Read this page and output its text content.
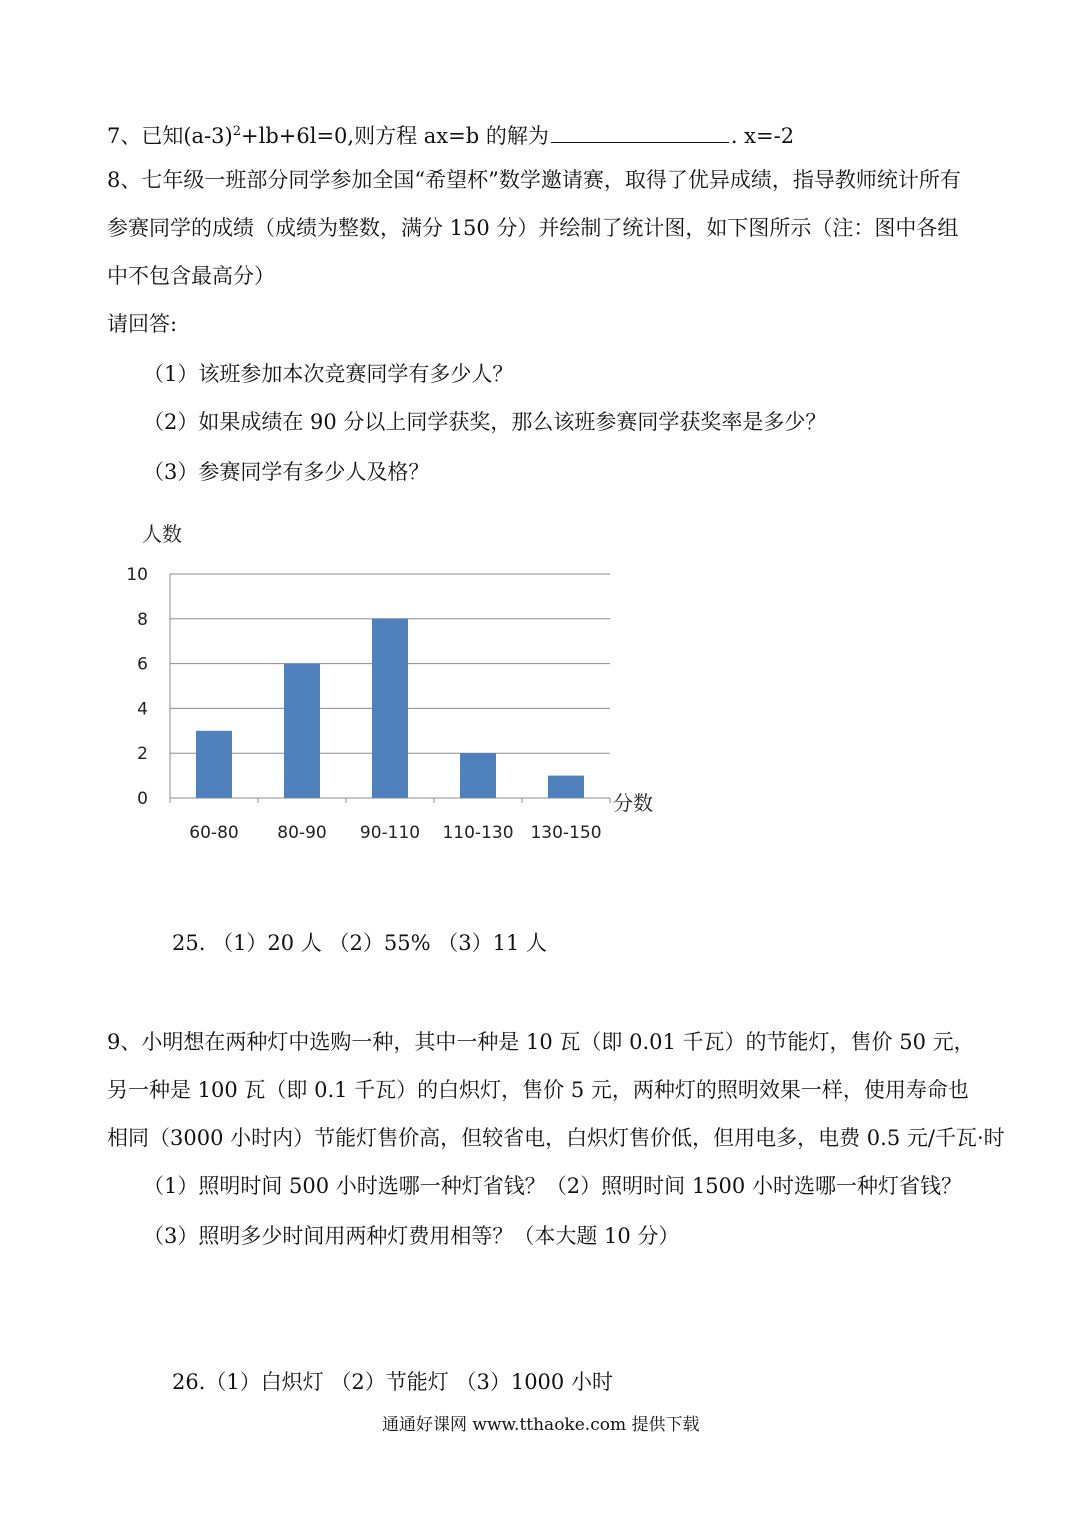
7、已知$(a-3)^2+lb+6l=0$,则方程 ax=b 的解为	. x=-2
8、七年级一班部分同学参加全国“希望杯”数学邀请赛，取得了优异成绩，指导教师统计所有
参赛同学的成绩（成绩为整数，满分 150 分）并绘制了统计图，如下图所示（注：图中各组
中不包含最高分）
请回答:
（1）该班参加本次竞赛同学有多少人？
（2）如果成绩在 90 分以上同学获奖，那么该班参赛同学获奖率是多少？
（3）参赛同学有多少人及格？
人数
0
2
4
6
8
10
60-80 80-90 90-110 110-130 130-150
分数
25. （1）20 人 （2）55% （3）11 人
9、小明想在两种灯中选购一种，其中一种是 10 瓦（即 0.01 千瓦）的节能灯，售价 50 元，
另一种是 100 瓦（即 0.1 千瓦）的白炽灯，售价 5 元，两种灯的照明效果一样，使用寿命也
相同（3000 小时内）节能灯售价高，但较省电，白炽灯售价低，但用电多，电费 0.5 元/千瓦·时
（1）照明时间 500 小时选哪一种灯省钱？（2）照明时间 1500 小时选哪一种灯省钱？
（3）照明多少时间用两种灯费用相等？（本大题 10 分）
26.（1）白炽灯 （2）节能灯 （3）1000 小时
通通好课网 www.tthaoke.com 提供下载
